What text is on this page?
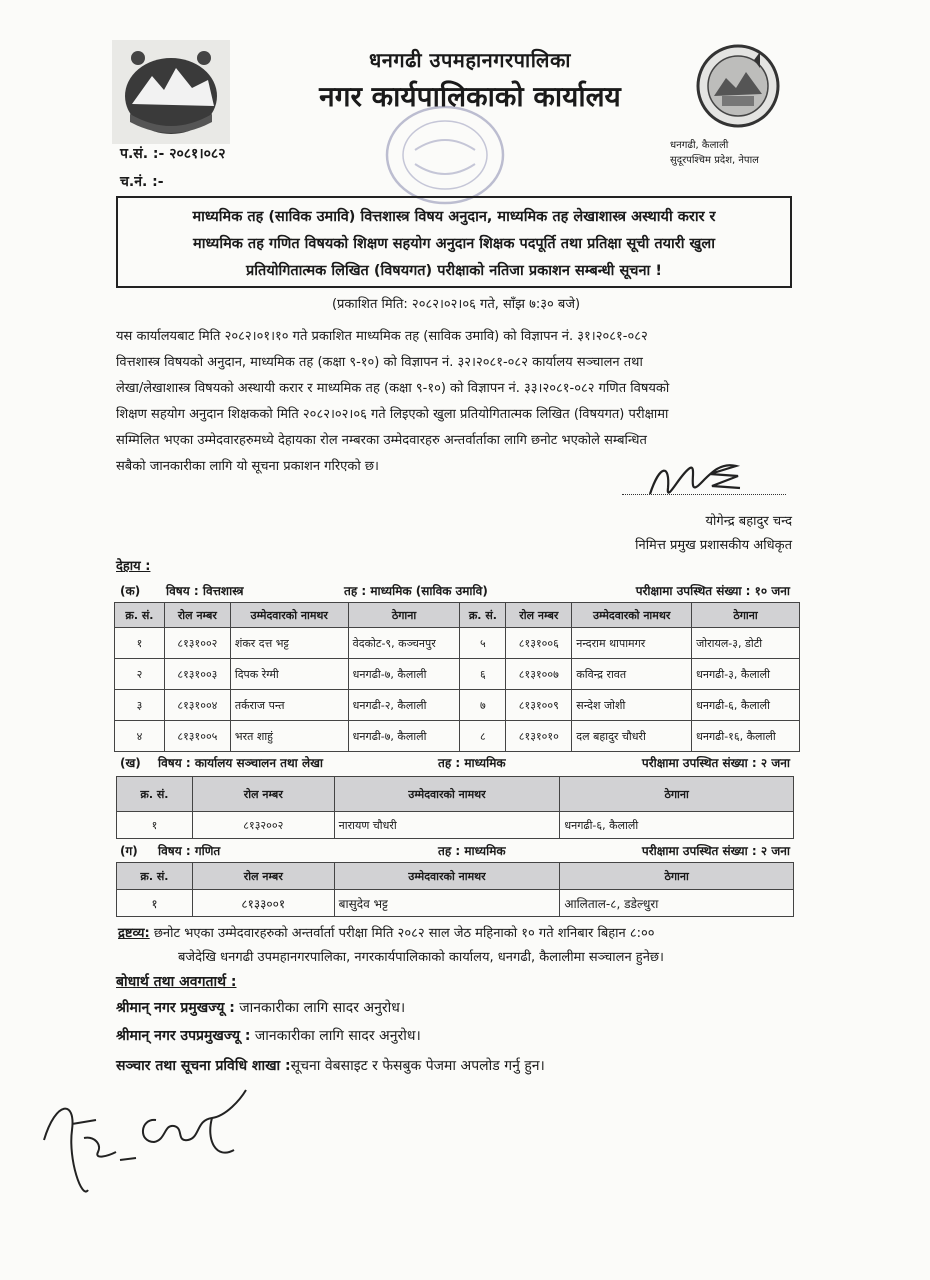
धनगढी उपमहानगरपालिका
नगर कार्यपालिकाको कार्यालय
धनगढी, कैलाली
सुदूरपश्चिम प्रदेश, नेपाल
प.सं. :- २०८१।०८२
च.नं. :-
माध्यमिक तह (साविक उमावि) वित्तशास्त्र विषय अनुदान, माध्यमिक तह लेखाशास्त्र अस्थायी करार र
माध्यमिक तह गणित विषयको शिक्षण सहयोग अनुदान शिक्षक पदपूर्ति तथा प्रतिक्षा सूची तयारी खुला
प्रतियोगितात्मक लिखित (विषयगत) परीक्षाको नतिजा प्रकाशन सम्बन्धी सूचना !
(प्रकाशित मिति: २०८२।०२।०६ गते, साँझ ७:३० बजे)
यस कार्यालयबाट मिति २०८२।०१।१० गते प्रकाशित माध्यमिक तह (साविक उमावि) को विज्ञापन नं. ३१।२०८१-०८२
वित्तशास्त्र विषयको अनुदान, माध्यमिक तह (कक्षा ९-१०) को विज्ञापन नं. ३२।२०८१-०८२ कार्यालय सञ्चालन तथा
लेखा/लेखाशास्त्र विषयको अस्थायी करार र माध्यमिक तह (कक्षा ९-१०) को विज्ञापन नं. ३३।२०८१-०८२ गणित विषयको
शिक्षण सहयोग अनुदान शिक्षकको मिति २०८२।०२।०६ गते लिइएको खुला प्रतियोगितात्मक लिखित (विषयगत) परीक्षामा
सम्मिलित भएका उम्मेदवारहरुमध्ये देहायका रोल नम्बरका उम्मेदवारहरु अन्तर्वार्ताका लागि छनोट भएकोले सम्बन्धित
सबैको जानकारीका लागि यो सूचना प्रकाशन गरिएको छ।
योगेन्द्र बहादुर चन्द
निमित्त प्रमुख प्रशासकीय अधिकृत
देहाय :
(क) विषय : वित्तशास्त्र	तह : माध्यमिक (साविक उमावि)	परीक्षामा उपस्थित संख्या : १० जना
क्र. सं.	रोल नम्बर	उम्मेदवारको नामथर	ठेगाना	क्र. सं.	रोल नम्बर	उम्मेदवारको नामथर	ठेगाना
१	८१३१००२	शंकर दत्त भट्ट	वेदकोट-९, कञ्चनपुर	५	८१३१००६	नन्दराम थापामगर	जोरायल-३, डोटी
२	८१३१००३	दिपक रेग्मी	धनगढी-७, कैलाली	६	८१३१००७	कविन्द्र रावत	धनगढी-३, कैलाली
३	८१३१००४	तर्कराज पन्त	धनगढी-२, कैलाली	७	८१३१००९	सन्देश जोशी	धनगढी-६, कैलाली
४	८१३१००५	भरत शाहुं	धनगढी-७, कैलाली	८	८१३१०१०	दल बहादुर चौधरी	धनगढी-१६, कैलाली
(ख) विषय : कार्यालय सञ्चालन तथा लेखा	तह : माध्यमिक	परीक्षामा उपस्थित संख्या : २ जना
क्र. सं.	रोल नम्बर	उम्मेदवारको नामथर	ठेगाना
१	८१३२००२	नारायण चौधरी	धनगढी-६, कैलाली
(ग) विषय : गणित	तह : माध्यमिक	परीक्षामा उपस्थित संख्या : २ जना
क्र. सं.	रोल नम्बर	उम्मेदवारको नामथर	ठेगाना
१	८१३३००१	बासुदेव भट्ट	आलिताल-८, डडेल्धुरा
द्रष्टव्य: छनोट भएका उम्मेदवारहरुको अन्तर्वार्ता परीक्षा मिति २०८२ साल जेठ महिनाको १० गते शनिबार बिहान ८:००
बजेदेखि धनगढी उपमहानगरपालिका, नगरकार्यपालिकाको कार्यालय, धनगढी, कैलालीमा सञ्चालन हुनेछ।
बोधार्थ तथा अवगतार्थ :
श्रीमान् नगर प्रमुखज्यू : जानकारीका लागि सादर अनुरोध।
श्रीमान् नगर उपप्रमुखज्यू : जानकारीका लागि सादर अनुरोध।
सञ्चार तथा सूचना प्रविधि शाखा :सूचना वेबसाइट र फेसबुक पेजमा अपलोड गर्नु हुन।
